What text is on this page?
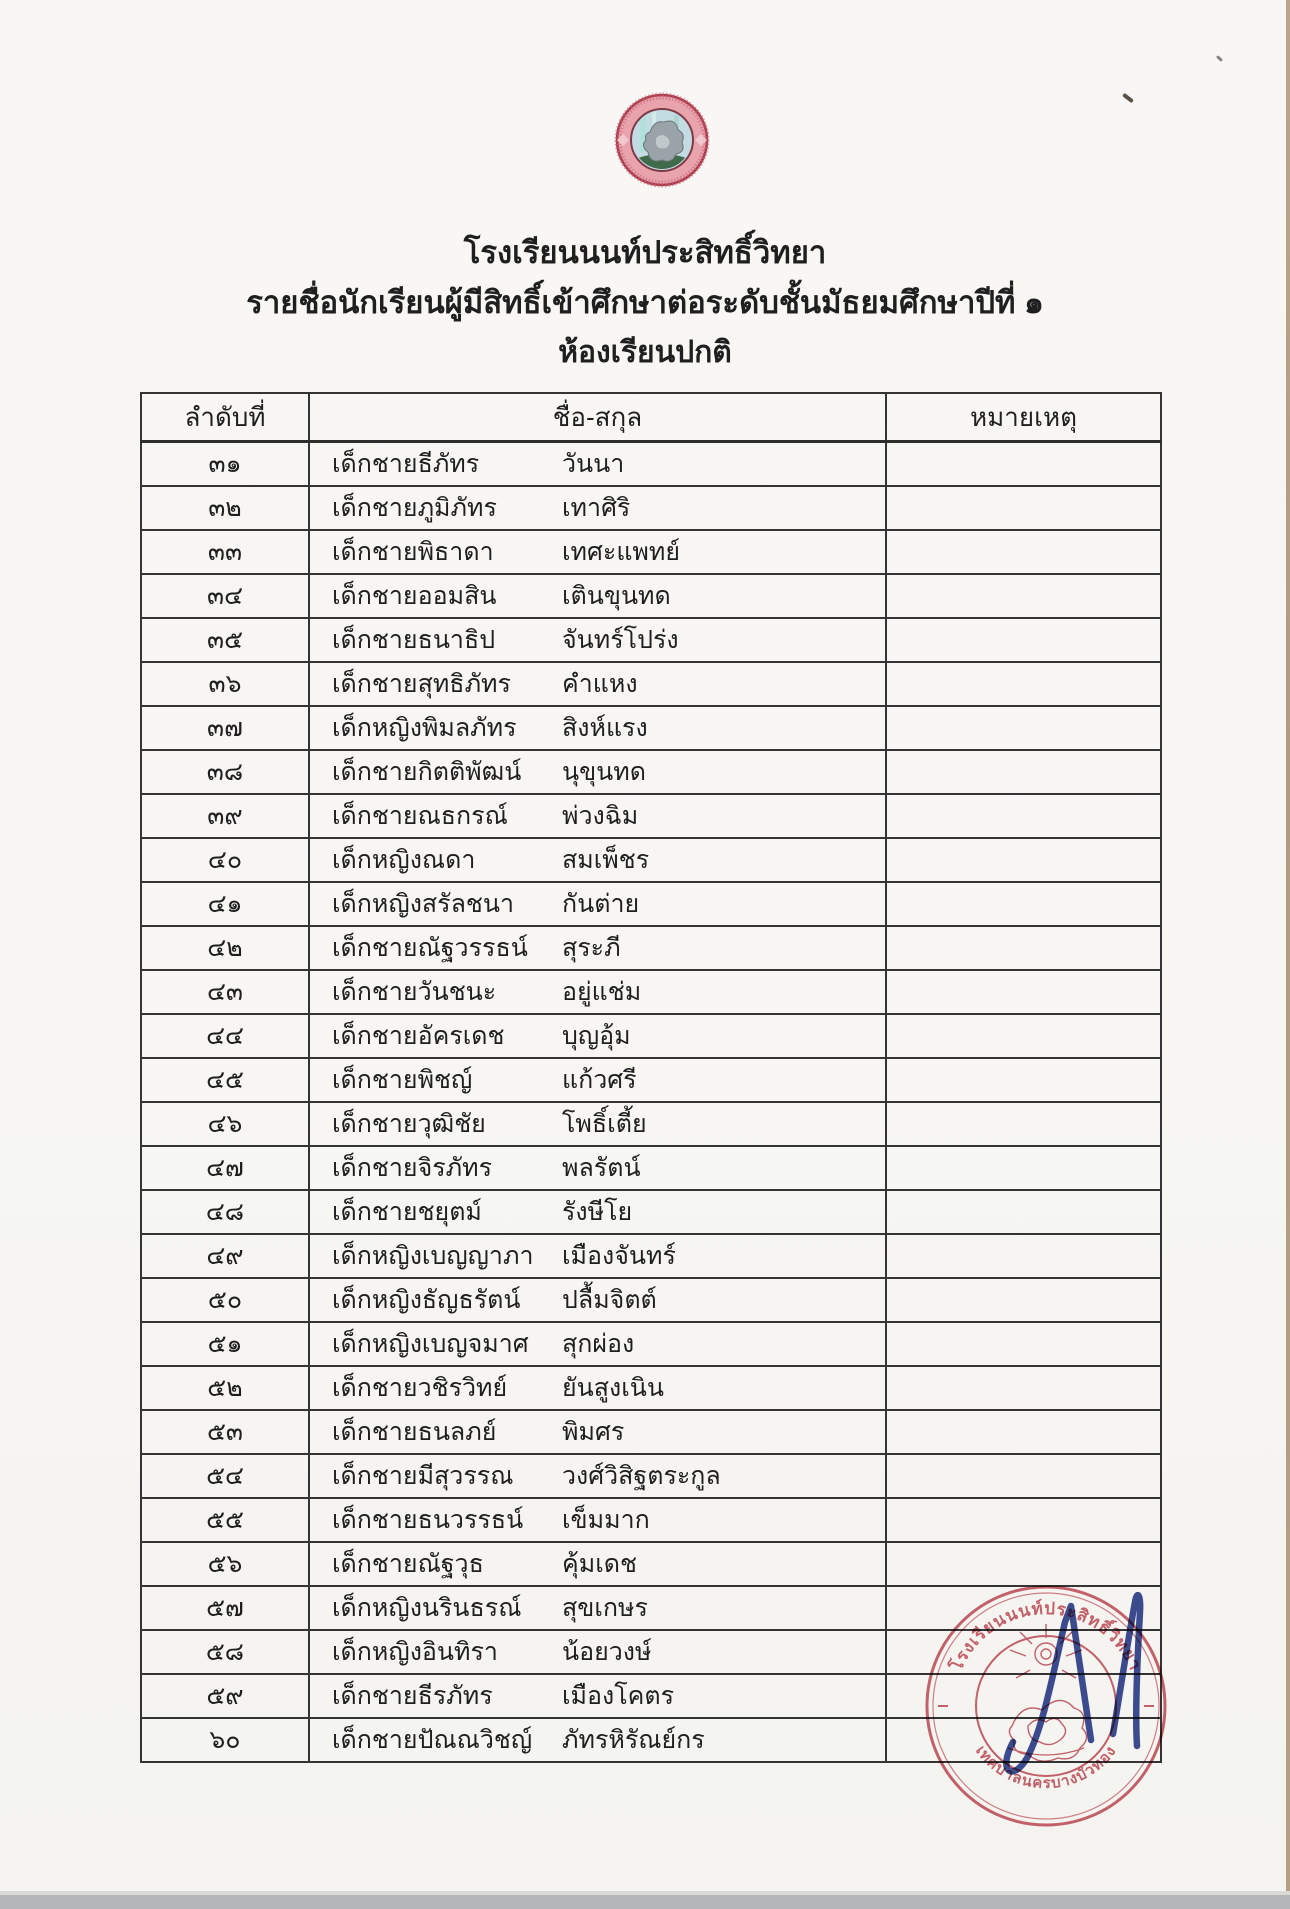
โรงเรียนนนท์ประสิทธิ์วิทยา
รายชื่อนักเรียนผู้มีสิทธิ์เข้าศึกษาต่อระดับชั้นมัธยมศึกษาปีที่ ๑
ห้องเรียนปกติ
ลำดับที่	ชื่อ-สกุล	หมายเหตุ
๓๑	เด็กชายธีภัทร วันนา	

๓๒	เด็กชายภูมิภัทร เทาศิริ	

๓๓	เด็กชายพิธาดา เทศะแพทย์	

๓๔	เด็กชายออมสิน เตินขุนทด	

๓๕	เด็กชายธนาธิป จันทร์โปร่ง	

๓๖	เด็กชายสุทธิภัทร คำแหง	

๓๗	เด็กหญิงพิมลภัทร สิงห์แรง	

๓๘	เด็กชายกิตติพัฒน์ นุขุนทด	

๓๙	เด็กชายณธกรณ์ พ่วงฉิม	

๔๐	เด็กหญิงณดา สมเพ็ชร	

๔๑	เด็กหญิงสรัลชนา กันต่าย	

๔๒	เด็กชายณัฐวรรธน์ สุระภี	

๔๓	เด็กชายวันชนะ อยู่แช่ม	

๔๔	เด็กชายอัครเดช บุญอุ้ม	

๔๕	เด็กชายพิชญ์ แก้วศรี	

๔๖	เด็กชายวุฒิชัย โพธิ์เตี้ย	

๔๗	เด็กชายจิรภัทร พลรัตน์	

๔๘	เด็กชายชยุตม์ รังษีโย	

๔๙	เด็กหญิงเบญญาภา เมืองจันทร์	

๕๐	เด็กหญิงธัญธรัตน์ ปลื้มจิตต์	

๕๑	เด็กหญิงเบญจมาศ สุกผ่อง	

๕๒	เด็กชายวชิรวิทย์ ยันสูงเนิน	

๕๓	เด็กชายธนลภย์ พิมศร	

๕๔	เด็กชายมีสุวรรณ วงศ์วิสิฐตระกูล	

๕๕	เด็กชายธนวรรธน์ เข็มมาก	

๕๖	เด็กชายณัฐวุธ คุ้มเดช	

๕๗	เด็กหญิงนรินธรณ์ สุขเกษร	

๕๘	เด็กหญิงอินทิรา น้อยวงษ์	

๕๙	เด็กชายธีรภัทร เมืองโคตร	

๖๐	เด็กชายปัณณวิชญ์ ภัทรหิรัณย์กร	

โรงเรียนนนท์ประสิทธิ์วิทยา
เทศบาลนครบางบัวทอง
